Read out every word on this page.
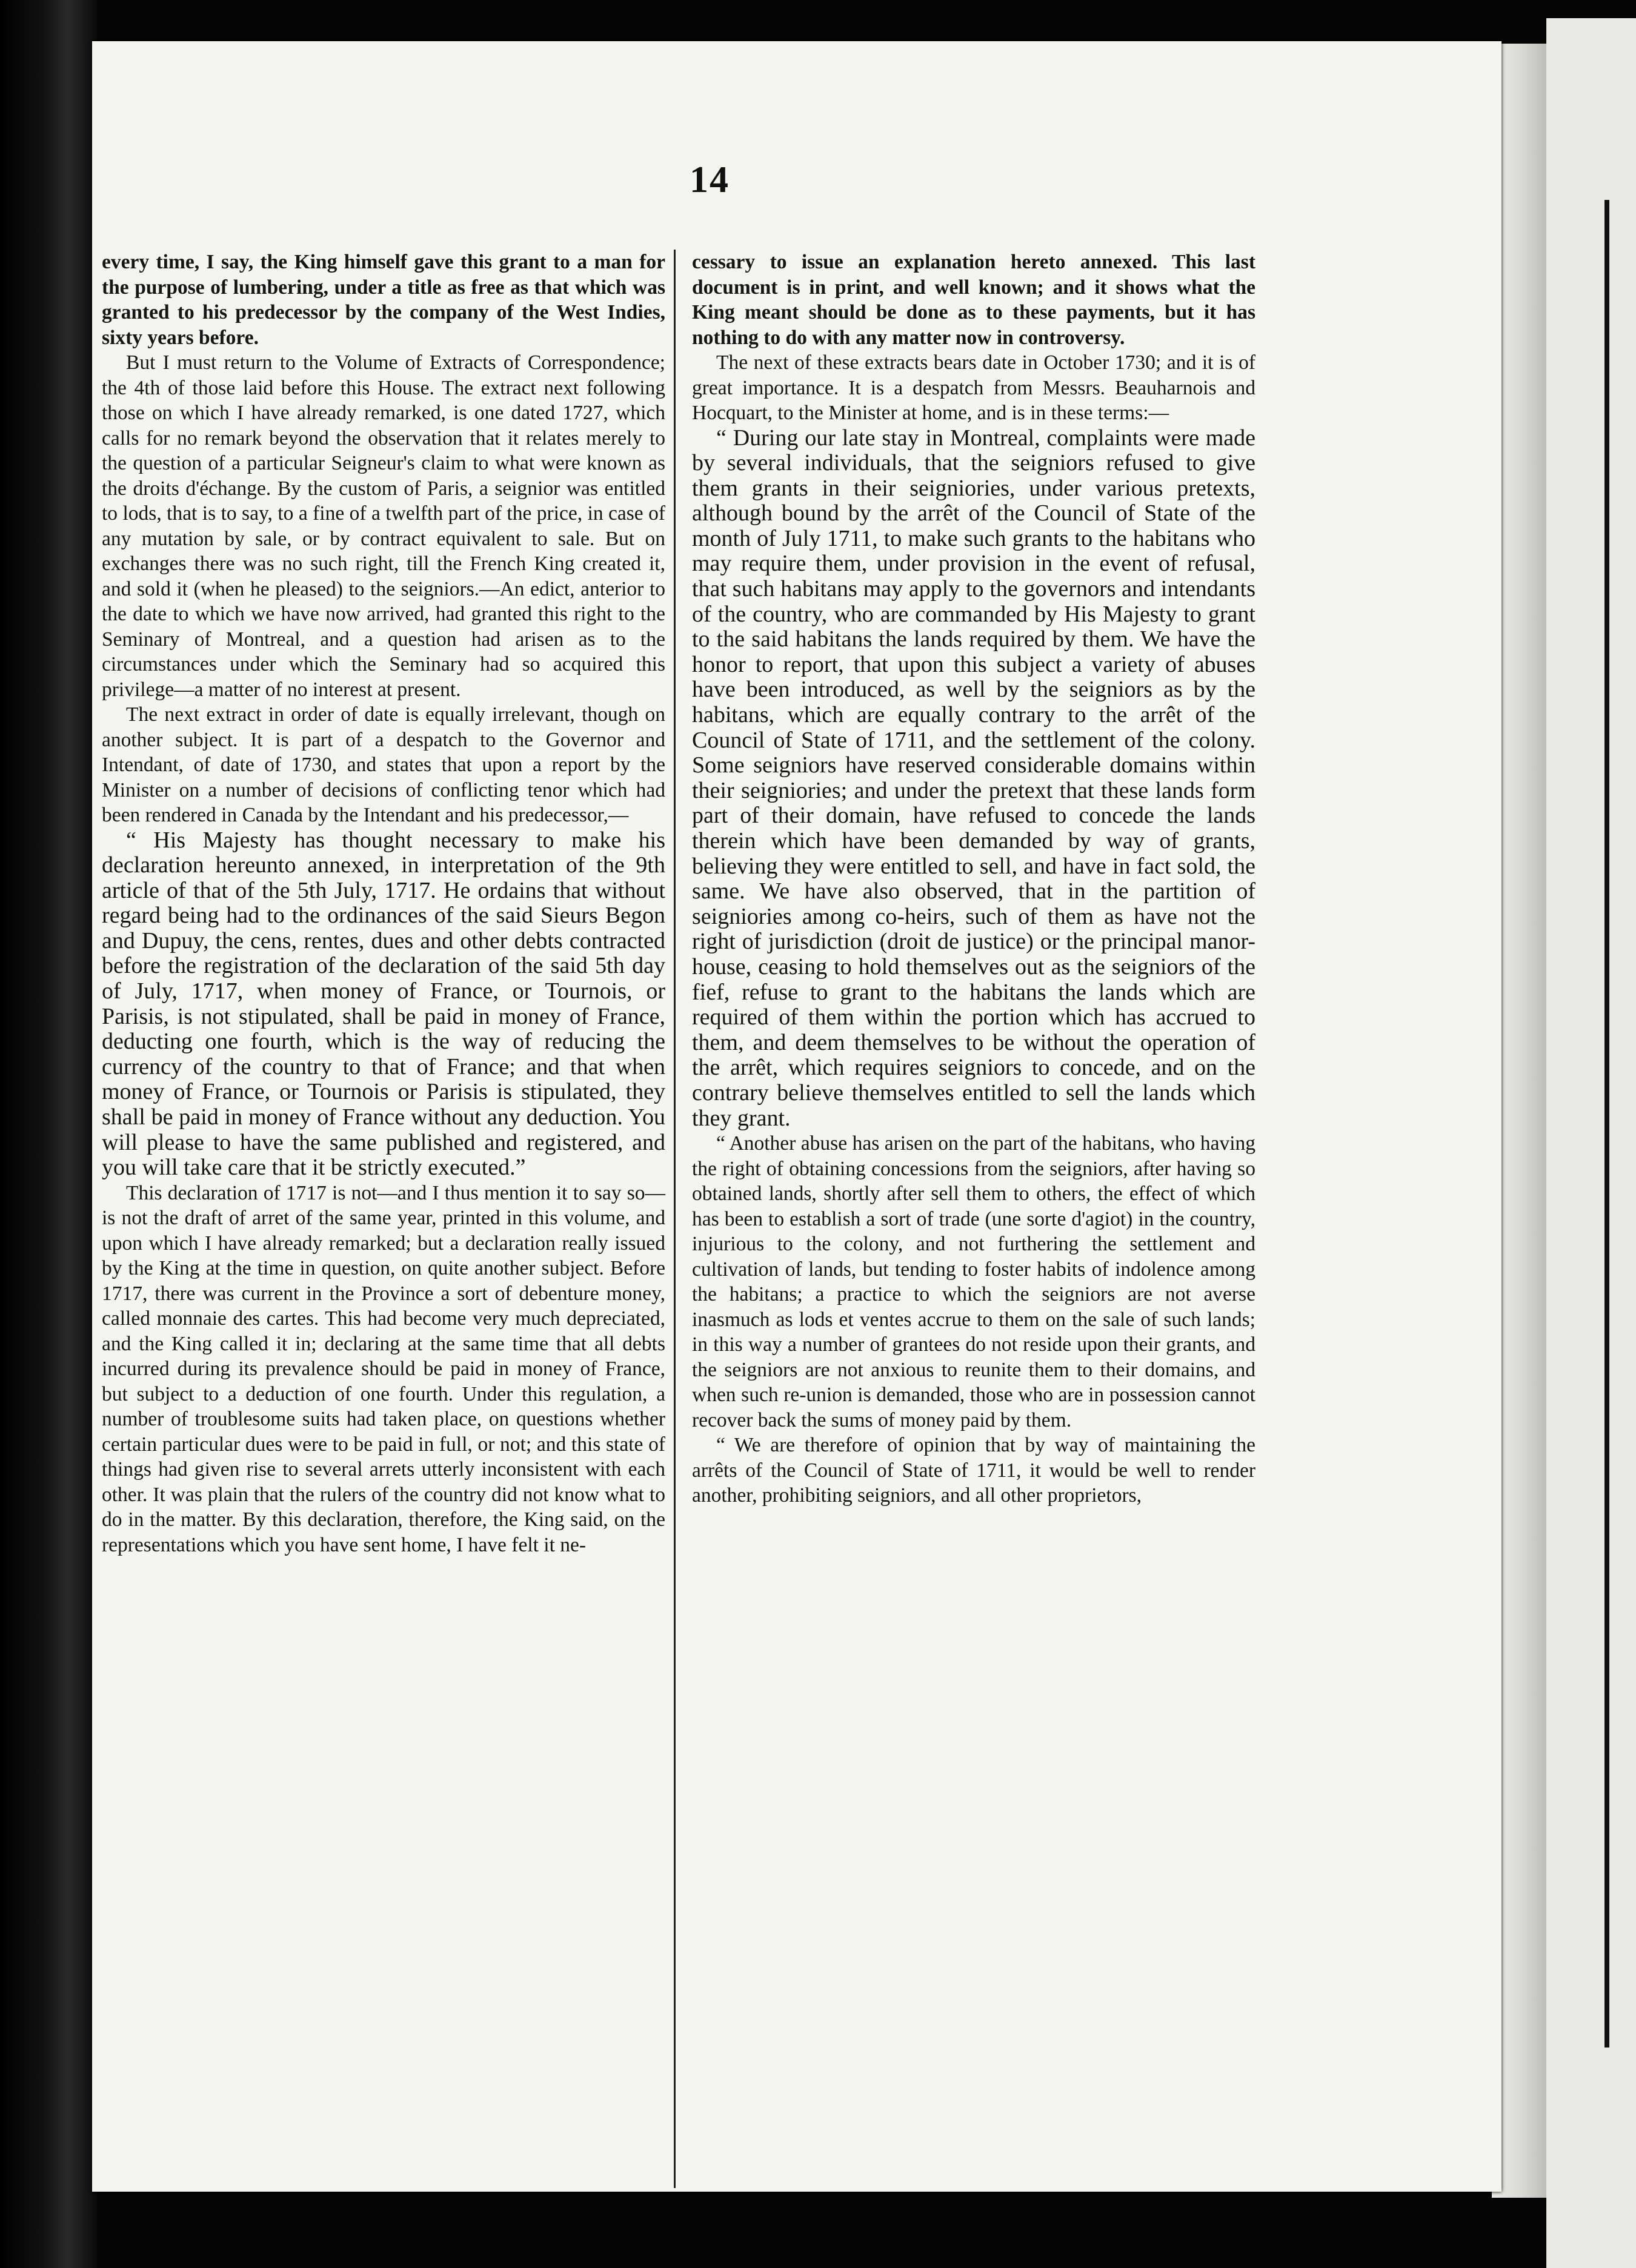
14

every time, I say, the King himself gave this grant to a man for the purpose of lumbering, under a title as free as that which was granted to his predecessor by the company of the West Indies, sixty years before.

But I must return to the Volume of Extracts of Correspondence; the 4th of those laid before this House. The extract next following those on which I have already remarked, is one dated 1727, which calls for no remark beyond the observation that it relates merely to the question of a particular Seigneur's claim to what were known as the droits d'échange. By the custom of Paris, a seignior was entitled to lods, that is to say, to a fine of a twelfth part of the price, in case of any mutation by sale, or by contract equivalent to sale. But on exchanges there was no such right, till the French King created it, and sold it (when he pleased) to the seigniors.—An edict, anterior to the date to which we have now arrived, had granted this right to the Seminary of Montreal, and a question had arisen as to the circumstances under which the Seminary had so acquired this privilege—a matter of no interest at present.

The next extract in order of date is equally irrelevant, though on another subject. It is part of a despatch to the Governor and Intendant, of date of 1730, and states that upon a report by the Minister on a number of decisions of conflicting tenor which had been rendered in Canada by the Intendant and his predecessor,—

“ His Majesty has thought necessary to make his declaration hereunto annexed, in interpretation of the 9th article of that of the 5th July, 1717. He ordains that without regard being had to the ordinances of the said Sieurs Begon and Dupuy, the cens, rentes, dues and other debts contracted before the registration of the declaration of the said 5th day of July, 1717, when money of France, or Tournois, or Parisis, is not stipulated, shall be paid in money of France, deducting one fourth, which is the way of reducing the currency of the country to that of France; and that when money of France, or Tournois or Parisis is stipulated, they shall be paid in money of France without any deduction. You will please to have the same published and registered, and you will take care that it be strictly executed.”

This declaration of 1717 is not—and I thus mention it to say so—is not the draft of arret of the same year, printed in this volume, and upon which I have already remarked; but a declaration really issued by the King at the time in question, on quite another subject. Before 1717, there was current in the Province a sort of debenture money, called monnaie des cartes. This had become very much depreciated, and the King called it in; declaring at the same time that all debts incurred during its prevalence should be paid in money of France, but subject to a deduction of one fourth. Under this regulation, a number of troublesome suits had taken place, on questions whether certain particular dues were to be paid in full, or not; and this state of things had given rise to several arrets utterly inconsistent with each other. It was plain that the rulers of the country did not know what to do in the matter. By this declaration, therefore, the King said, on the representations which you have sent home, I have felt it ne-

cessary to issue an explanation hereto annexed. This last document is in print, and well known; and it shows what the King meant should be done as to these payments, but it has nothing to do with any matter now in controversy.

The next of these extracts bears date in October 1730; and it is of great importance. It is a despatch from Messrs. Beauharnois and Hocquart, to the Minister at home, and is in these terms:—

“ During our late stay in Montreal, complaints were made by several individuals, that the seigniors refused to give them grants in their seigniories, under various pretexts, although bound by the arrêt of the Council of State of the month of July 1711, to make such grants to the habitans who may require them, under provision in the event of refusal, that such habitans may apply to the governors and intendants of the country, who are commanded by His Majesty to grant to the said habitans the lands required by them. We have the honor to report, that upon this subject a variety of abuses have been introduced, as well by the seigniors as by the habitans, which are equally contrary to the arrêt of the Council of State of 1711, and the settlement of the colony. Some seigniors have reserved considerable domains within their seigniories; and under the pretext that these lands form part of their domain, have refused to concede the lands therein which have been demanded by way of grants, believing they were entitled to sell, and have in fact sold, the same. We have also observed, that in the partition of seigniories among co-heirs, such of them as have not the right of jurisdiction (droit de justice) or the principal manor-house, ceasing to hold themselves out as the seigniors of the fief, refuse to grant to the habitans the lands which are required of them within the portion which has accrued to them, and deem themselves to be without the operation of the arrêt, which requires seigniors to concede, and on the contrary believe themselves entitled to sell the lands which they grant.

“ Another abuse has arisen on the part of the habitans, who having the right of obtaining concessions from the seigniors, after having so obtained lands, shortly after sell them to others, the effect of which has been to establish a sort of trade (une sorte d'agiot) in the country, injurious to the colony, and not furthering the settlement and cultivation of lands, but tending to foster habits of indolence among the habitans; a practice to which the seigniors are not averse inasmuch as lods et ventes accrue to them on the sale of such lands; in this way a number of grantees do not reside upon their grants, and the seigniors are not anxious to reunite them to their domains, and when such re-union is demanded, those who are in possession cannot recover back the sums of money paid by them.

“ We are therefore of opinion that by way of maintaining the arrêts of the Council of State of 1711, it would be well to render another, prohibiting seigniors, and all other proprietors,
